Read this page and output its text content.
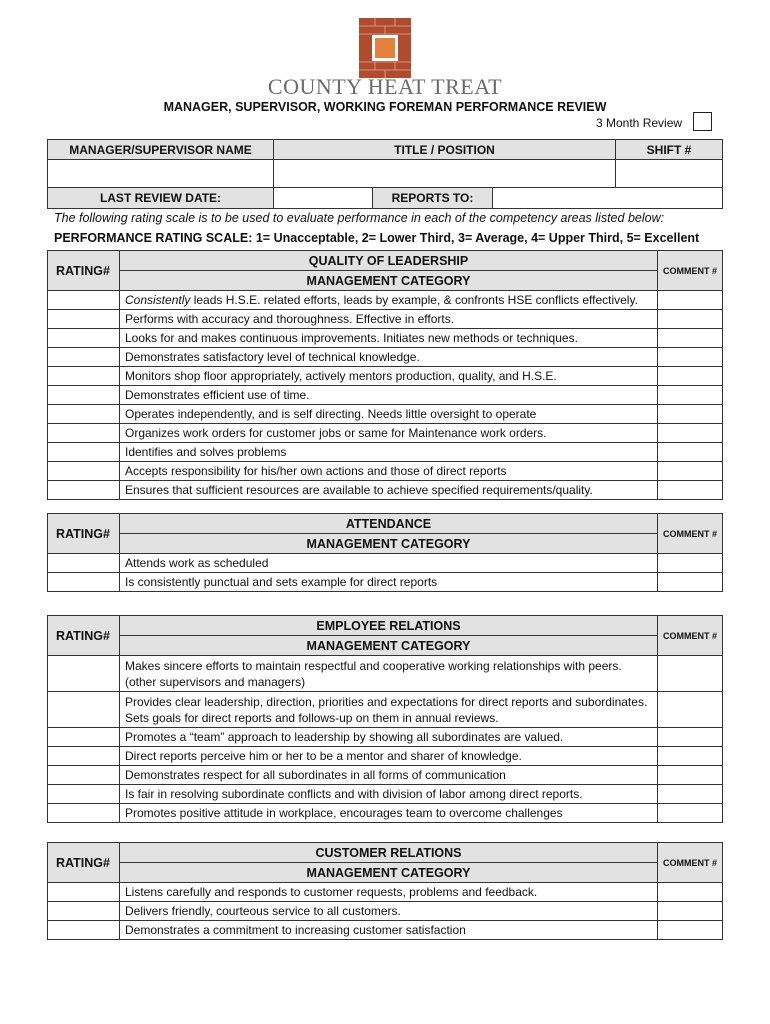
COUNTY HEAT TREAT
MANAGER, SUPERVISOR, WORKING FOREMAN PERFORMANCE REVIEW
3 Month Review
MANAGER/SUPERVISOR NAME	TITLE / POSITION			SHIFT #

LAST REVIEW DATE:		REPORTS TO:		
The following rating scale is to be used to evaluate performance in each of the competency areas listed below:
PERFORMANCE RATING SCALE: 1= Unacceptable, 2= Lower Third, 3= Average, 4= Upper Third, 5= Excellent
RATING#	QUALITY OF LEADERSHIP	COMMENT #
	MANAGEMENT CATEGORY	
	Consistently leads H.S.E. related efforts, leads by example, & confronts HSE conflicts effectively.	
	Performs with accuracy and thoroughness. Effective in efforts.	
	Looks for and makes continuous improvements. Initiates new methods or techniques.	
	Demonstrates satisfactory level of technical knowledge.	
	Monitors shop floor appropriately, actively mentors production, quality, and H.S.E.	
	Demonstrates efficient use of time.	
	Operates independently, and is self directing. Needs little oversight to operate	
	Organizes work orders for customer jobs or same for Maintenance work orders.	
	Identifies and solves problems	
	Accepts responsibility for his/her own actions and those of direct reports	
	Ensures that sufficient resources are available to achieve specified requirements/quality.	
RATING#	ATTENDANCE	COMMENT #
	MANAGEMENT CATEGORY	
	Attends work as scheduled	
	Is consistently punctual and sets example for direct reports	
RATING#	EMPLOYEE RELATIONS	COMMENT #
	MANAGEMENT CATEGORY	
	Makes sincere efforts to maintain respectful and cooperative working relationships with peers. (other supervisors and managers)	
	Provides clear leadership, direction, priorities and expectations for direct reports and subordinates. Sets goals for direct reports and follows-up on them in annual reviews.	
	Promotes a “team” approach to leadership by showing all subordinates are valued.	
	Direct reports perceive him or her to be a mentor and sharer of knowledge.	
	Demonstrates respect for all subordinates in all forms of communication	
	Is fair in resolving subordinate conflicts and with division of labor among direct reports.	
	Promotes positive attitude in workplace, encourages team to overcome challenges	
RATING#	CUSTOMER RELATIONS	COMMENT #
	MANAGEMENT CATEGORY	
	Listens carefully and responds to customer requests, problems and feedback.	
	Delivers friendly, courteous service to all customers.	
	Demonstrates a commitment to increasing customer satisfaction	
